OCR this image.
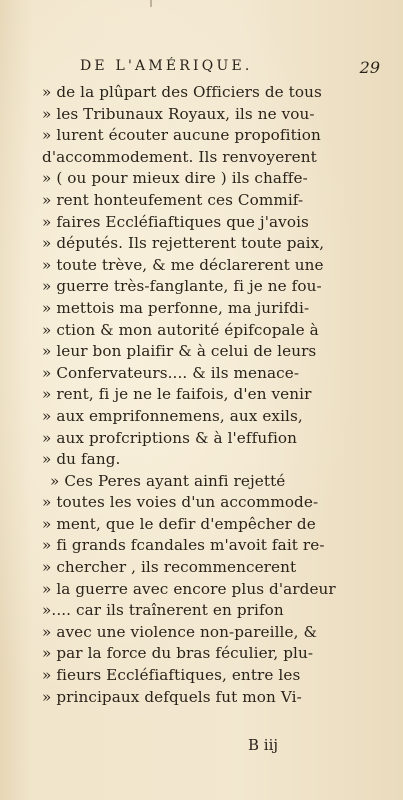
DE L'AMÉRIQUE.	29
» de la plûpart des Officiers de tous
» les Tribunaux Royaux, ils ne vou-
» lurent écouter aucune propofition
d'accommodement. Ils renvoyerent
» ( ou pour mieux dire ) ils chaffe-
» rent honteufement ces Commif-
» faires Eccléfiaftiques que j'avois
» députés. Ils rejetterent toute paix,
» toute trève, & me déclarerent une
» guerre très-fanglante, fi je ne fou-
» mettois ma perfonne, ma jurifdi-
» ction & mon autorité épifcopale à
» leur bon plaifir & à celui de leurs
» Confervateurs.... & ils menace-
» rent, fi je ne le faifois, d'en venir
» aux emprifonnemens, aux exils,
» aux profcriptions & à l'effufion
» du fang.
» Ces Peres ayant ainfi rejetté
» toutes les voies d'un accommode-
» ment, que le defir d'empêcher de
» fi grands fcandales m'avoit fait re-
» chercher , ils recommencerent
» la guerre avec encore plus d'ardeur
».... car ils traînerent en prifon
» avec une violence non-pareille, &
» par la force du bras féculier, plu-
» fieurs Eccléfiaftiques, entre les
» principaux defquels fut mon Vi-
B iij
